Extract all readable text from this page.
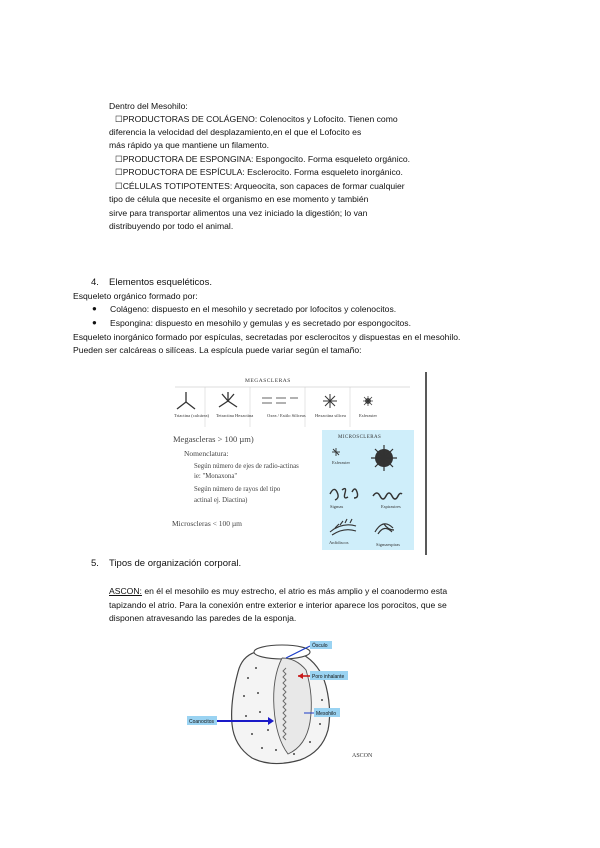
Dentro del Mesohilo:
☐PRODUCTORAS DE COLÁGENO: Colenocitos y Lofocito. Tienen como
diferencia la velocidad del desplazamiento,en el que el Lofocito es
más rápido ya que mantiene un filamento.
☐PRODUCTORA DE ESPONGINA: Espongocito. Forma esqueleto orgánico.
☐PRODUCTORA DE ESPÍCULA: Esclerocito. Forma esqueleto inorgánico.
☐CÉLULAS TOTIPOTENTES: Arqueocita, son capaces de formar cualquier
tipo de célula que necesite el organismo en ese momento y también
sirve para transportar alimentos una vez iniciado la digestión; lo van
distribuyendo por todo el animal.
4. Elementos esqueléticos.
Esqueleto orgánico formado por:
● Colágeno: dispuesto en el mesohilo y secretado por lofocitos y colenocitos.
● Espongina: dispuesto en mesohilo y gemulas y es secretado por espongocitos.
Esqueleto inorgánico formado por espículas, secretadas por esclerocitos y dispuestas en el mesohilo.
Pueden ser calcáreas o silíceas. La espícula puede variar según el tamaño:
MEGASCLERAS
Triactina (calcárea) Tetractina Hexactina	Oxea / Estilo Silíceas Hexactina silícea	Esferaster
Megascleras > 100 µm)
Nomenclatura:
Según número de ejes de radio-actinas
ie: "Monaxona"
Según número de rayos del tipo
actinal ej. Diactina)
Microscleras < 100 µm
MICROSCLERAS
Esferaster
Sigmas	Espirastres
Anfidiscos	Sigmaespiras
5. Tipos de organización corporal.
ASCON: en él el mesohilo es muy estrecho, el atrio es más amplio y el coanodermo esta
tapizando el atrio. Para la conexión entre exterior e interior aparece los porocitos, que se
disponen atravesando las paredes de la esponja.
Ósculo
Poro inhalante
Coanocitos
Mesohilo
ASCON
